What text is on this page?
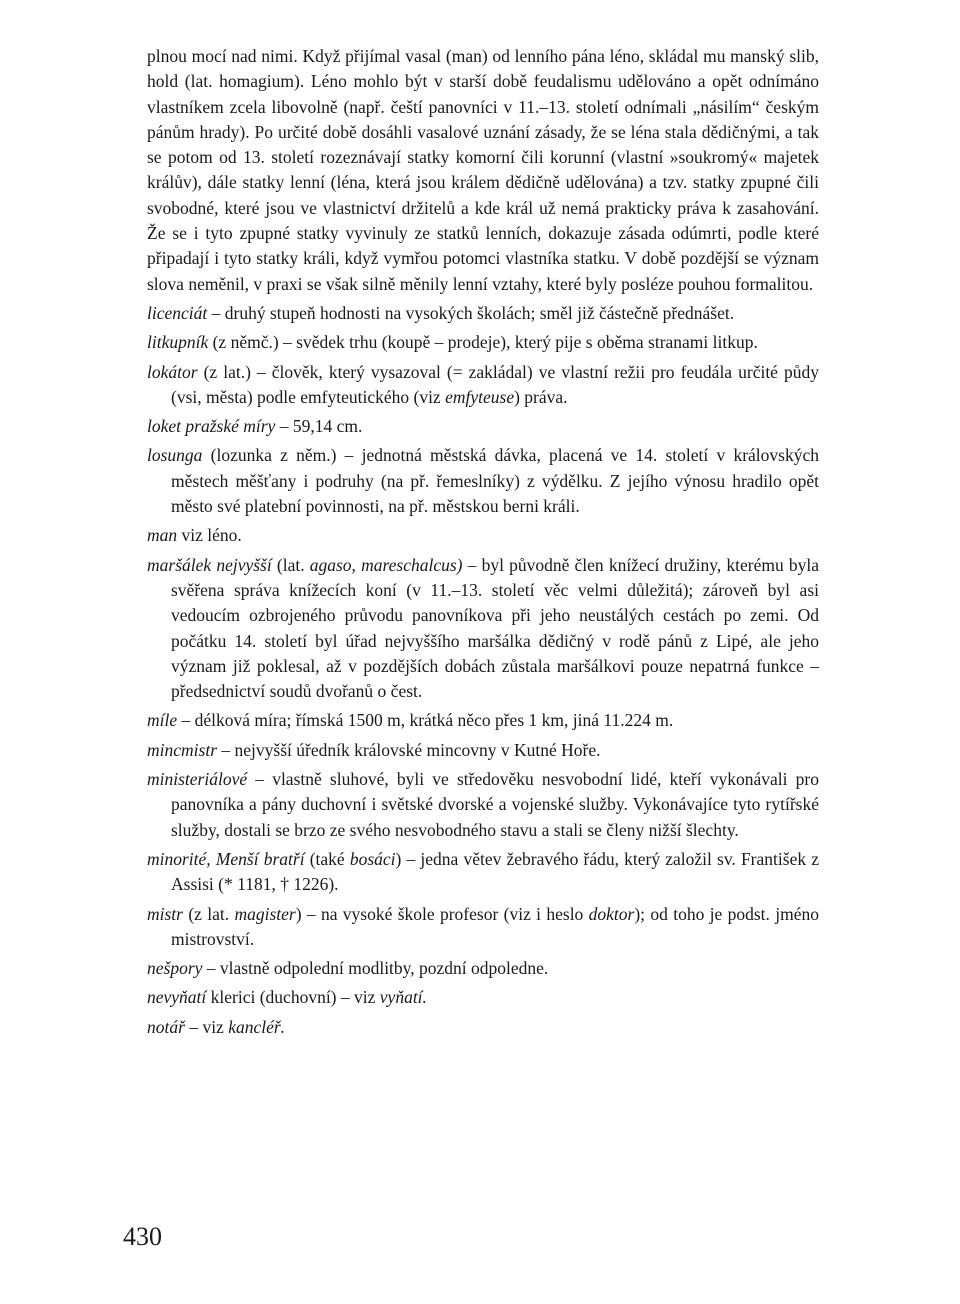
plnou mocí nad nimi. Když přijímal vasal (man) od lenního pána léno, skládal mu manský slib, hold (lat. homagium). Léno mohlo být v starší době feudalismu udělováno a opět odnímáno vlastníkem zcela libovolně (např. čeští panovníci v 11.–13. století odnímali „násilím“ českým pánům hrady). Po určité době dosáhli vasalové uznání zásady, že se léna stala dědičnými, a tak se potom od 13. století rozeznávají statky komorní čili korunní (vlastní »soukromý« majetek králův), dále statky lenní (léna, která jsou králem dědičně udělována) a tzv. statky zpupné čili svobodné, které jsou ve vlastnictví držitelů a kde král už nemá prakticky práva k zasahování. Že se i tyto zpupné statky vyvinuly ze statků lenních, dokazuje zásada odúmrti, podle které připadají i tyto statky králi, když vymřou potomci vlastníka statku. V době pozdější se význam slova neměnil, v praxi se však silně měnily lenní vztahy, které byly posléze pouhou formalitou.

licenciát – druhý stupeň hodnosti na vysokých školách; směl již částečně přednášet.

litkupník (z němč.) – svědek trhu (koupě – prodeje), který pije s oběma stranami litkup.

lokátor (z lat.) – člověk, který vysazoval (= zakládal) ve vlastní režii pro feudála určité půdy (vsi, města) podle emfyteutického (viz emfyteuse) práva.

loket pražské míry – 59,14 cm.

losunga (lozunka z něm.) – jednotná městská dávka, placená ve 14. století v královských městech měšťany i podruhy (na př. řemeslníky) z výdělku. Z jejího výnosu hradilo opět město své platební povinnosti, na př. městskou berni králi.

man viz léno.

maršálek nejvyšší (lat. agaso, mareschalcus) – byl původně člen knížecí družiny, kterému byla svěřena správa knížecích koní (v 11.–13. století věc velmi důležitá); zároveň byl asi vedoucím ozbrojeného průvodu panovníkova při jeho neustálých cestách po zemi. Od počátku 14. století byl úřad nejvyššího maršálka dědičný v rodě pánů z Lipé, ale jeho význam již poklesal, až v pozdějších dobách zůstala maršálkovi pouze nepatrná funkce – předsednictví soudů dvořanů o čest.

míle – délková míra; římská 1500 m, krátká něco přes 1 km, jiná 11.224 m.

mincmistr – nejvyšší úředník královské mincovny v Kutné Hoře.

ministeriálové – vlastně sluhové, byli ve středověku nesvobodní lidé, kteří vykonávali pro panovníka a pány duchovní i světské dvorské a vojenské služby. Vykonávajíce tyto rytířské služby, dostali se brzo ze svého nesvobodného stavu a stali se členy nižší šlechty.

minorité, Menší bratří (také bosáci) – jedna větev žebravého řádu, který založil sv. František z Assisi (* 1181, † 1226).

mistr (z lat. magister) – na vysoké škole profesor (viz i heslo doktor); od toho je podst. jméno mistrovství.

nešpory – vlastně odpolední modlitby, pozdní odpoledne.

nevyňatí klerici (duchovní) – viz vyňatí.

notář – viz kancléř.

430
